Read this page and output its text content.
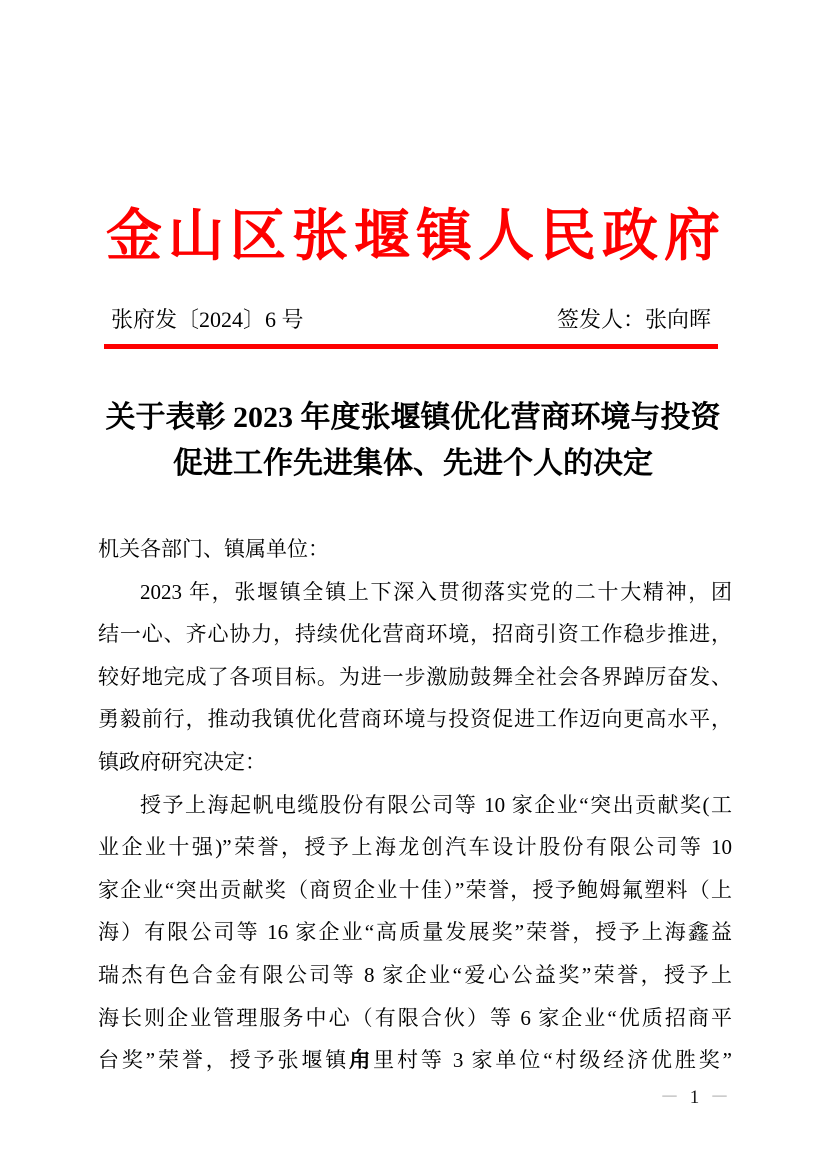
金山区张堰镇人民政府
张府发〔2024〕6 号	签发人：张向晖
关于表彰 2023 年度张堰镇优化营商环境与投资
促进工作先进集体、先进个人的决定
机关各部门、镇属单位：
2023 年，张堰镇全镇上下深入贯彻落实党的二十大精神，团
结一心、齐心协力，持续优化营商环境，招商引资工作稳步推进，
较好地完成了各项目标。为进一步激励鼓舞全社会各界踔厉奋发、
勇毅前行，推动我镇优化营商环境与投资促进工作迈向更高水平，
镇政府研究决定：
授予上海起帆电缆股份有限公司等 10 家企业“突出贡献奖(工
业企业十强)”荣誉，授予上海龙创汽车设计股份有限公司等 10
家企业“突出贡献奖（商贸企业十佳）”荣誉，授予鲍姆氟塑料（上
海）有限公司等 16 家企业“高质量发展奖”荣誉，授予上海鑫益
瑞杰有色合金有限公司等 8 家企业“爱心公益奖”荣誉，授予上
海长则企业管理服务中心（有限合伙）等 6 家企业“优质招商平
台奖”荣誉，授予张堰镇甪里村等 3 家单位“村级经济优胜奖”
－ 1 －
